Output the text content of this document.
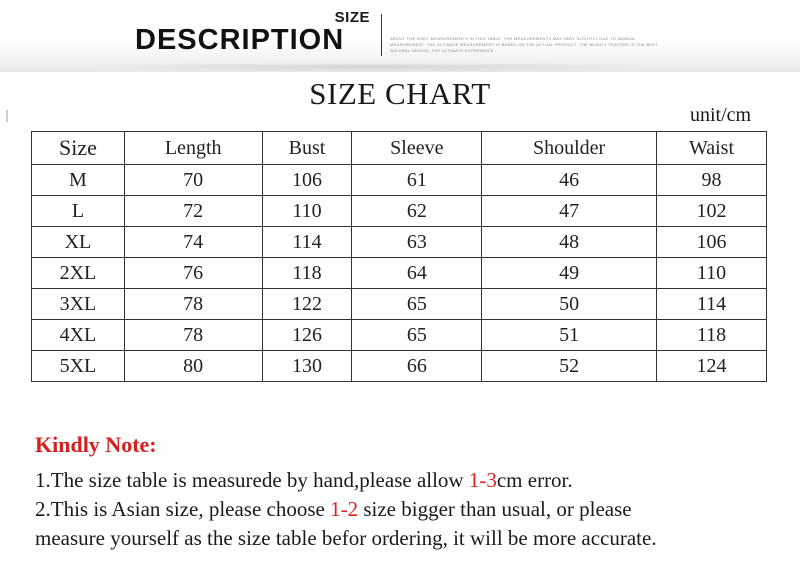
SIZE
DESCRIPTION	ABOUT THE BODY MEASUREMENTS IN THIS TABLE, THE MEASUREMENTS MAY VARY SLIGHTLY DUE TO MANUAL MEASUREMENT. THE ULTIMATE MEASUREMENT IS BASED ON THE ACTUAL PRODUCT. THE BEAUTY FEATURE IS THE BEST NATURAL DESIGN. THE ULTIMATE EXPERIENCE.
SIZE CHART
unit/cm
Size	Length	Bust	Sleeve	Shoulder	Waist
M	70	106	61	46	98
L	72	110	62	47	102
XL	74	114	63	48	106
2XL	76	118	64	49	110
3XL	78	122	65	50	114
4XL	78	126	65	51	118
5XL	80	130	66	52	124
Kindly Note:
1.The size table is measurede by hand,please allow 1-3cm error.
2.This is Asian size, please choose 1-2 size bigger than usual, or please
measure yourself as the size table befor ordering, it will be more accurate.
